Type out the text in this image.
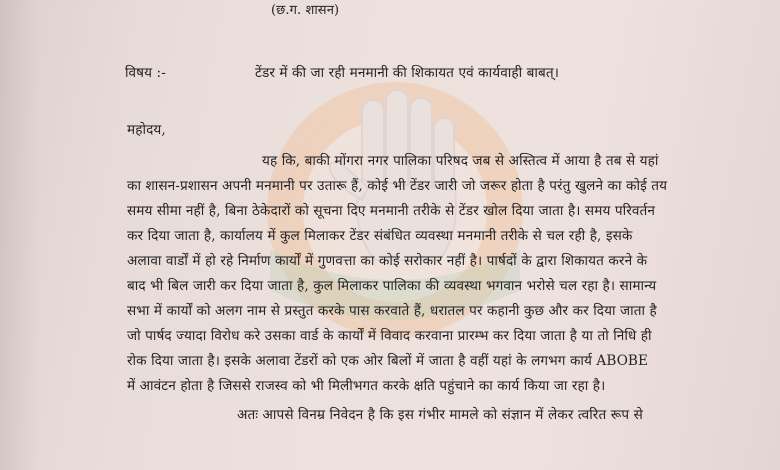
(छ.ग. शासन)
विषय :-	टेंडर में की जा रही मनमानी की शिकायत एवं कार्यवाही बाबत्।
महोदय,
यह कि, बाकी मोंगरा नगर पालिका परिषद जब से अस्तित्व में आया है तब से यहां
का शासन-प्रशासन अपनी मनमानी पर उतारू हैं, कोई भी टेंडर जारी जो जरूर होता है परंतु खुलने का कोई तय
समय सीमा नहीं है, बिना ठेकेदारों को सूचना दिए मनमानी तरीके से टेंडर खोल दिया जाता है। समय परिवर्तन
कर दिया जाता है, कार्यालय में कुल मिलाकर टेंडर संबंधित व्यवस्था मनमानी तरीके से चल रही है, इसके
अलावा वार्डों में हो रहे निर्माण कार्यों में गुणवत्ता का कोई सरोकार नहीं है। पार्षदों के द्वारा शिकायत करने के
बाद भी बिल जारी कर दिया जाता है, कुल मिलाकर पालिका की व्यवस्था भगवान भरोसे चल रहा है। सामान्य
सभा में कार्यों को अलग नाम से प्रस्तुत करके पास करवाते हैं, धरातल पर कहानी कुछ और कर दिया जाता है
जो पार्षद ज्यादा विरोध करे उसका वार्ड के कार्यों में विवाद करवाना प्रारम्भ कर दिया जाता है या तो निधि ही
रोक दिया जाता है। इसके अलावा टेंडरों को एक ओर बिलों में जाता है वहीं यहां के लगभग कार्य ABOBE
में आवंटन होता है जिससे राजस्व को भी मिलीभगत करके क्षति पहुंचाने का कार्य किया जा रहा है।
अतः आपसे विनम्र निवेदन है कि इस गंभीर मामले को संज्ञान में लेकर त्वरित रूप से
